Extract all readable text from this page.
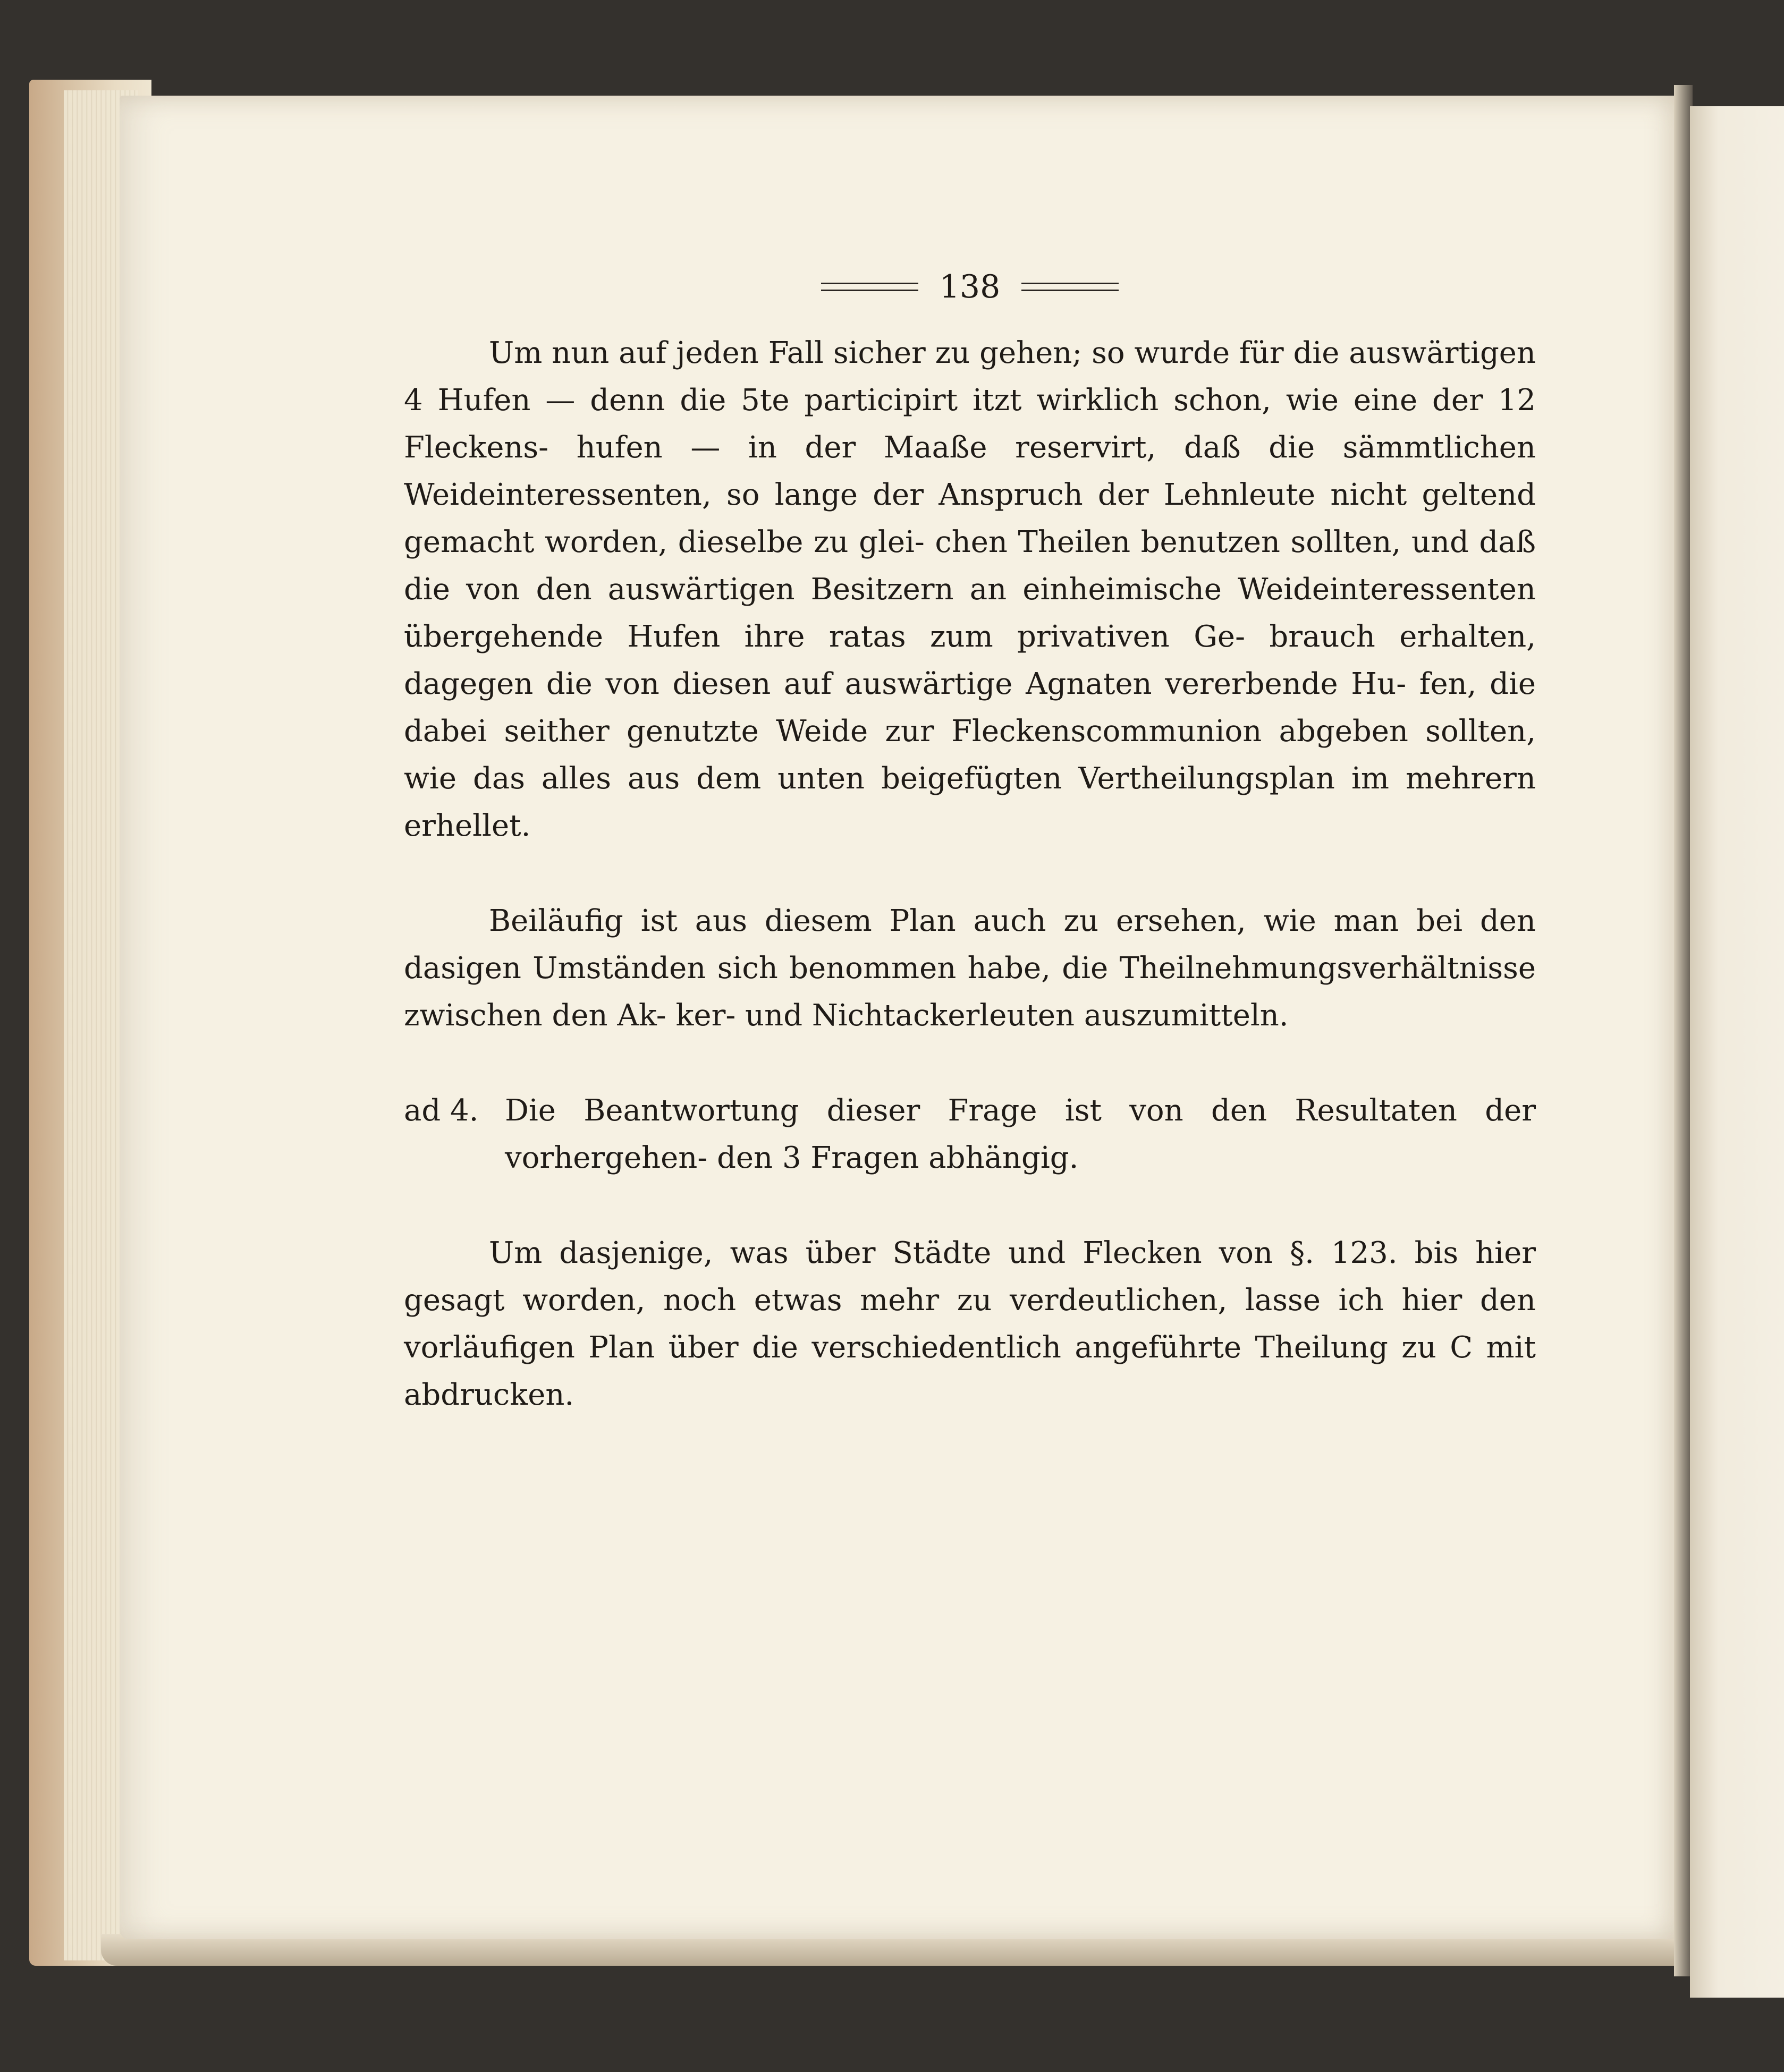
138

Um nun auf jeden Fall sicher zu gehen; so wurde für die auswärtigen 4 Hufen — denn die 5te participirt itzt wirklich schon, wie eine der 12 Fleckens- hufen — in der Maaße reservirt, daß die sämmtlichen Weideinteressenten, so lange der Anspruch der Lehnleute nicht geltend gemacht worden, dieselbe zu glei- chen Theilen benutzen sollten, und daß die von den auswärtigen Besitzern an einheimische Weideinteressenten übergehende Hufen ihre ratas zum privativen Ge- brauch erhalten, dagegen die von diesen auf auswärtige Agnaten vererbende Hu- fen, die dabei seither genutzte Weide zur Fleckenscommunion abgeben sollten, wie das alles aus dem unten beigefügten Vertheilungsplan im mehrern erhellet.

Beiläufig ist aus diesem Plan auch zu ersehen, wie man bei den dasigen Umständen sich benommen habe, die Theilnehmungsverhältnisse zwischen den Ak- ker- und Nichtackerleuten auszumitteln.

ad 4. Die Beantwortung dieser Frage ist von den Resultaten der vorhergehen- den 3 Fragen abhängig.

Um dasjenige, was über Städte und Flecken von §. 123. bis hier gesagt worden, noch etwas mehr zu verdeutlichen, lasse ich hier den vorläufigen Plan über die verschiedentlich angeführte Theilung zu C mit abdrucken.
